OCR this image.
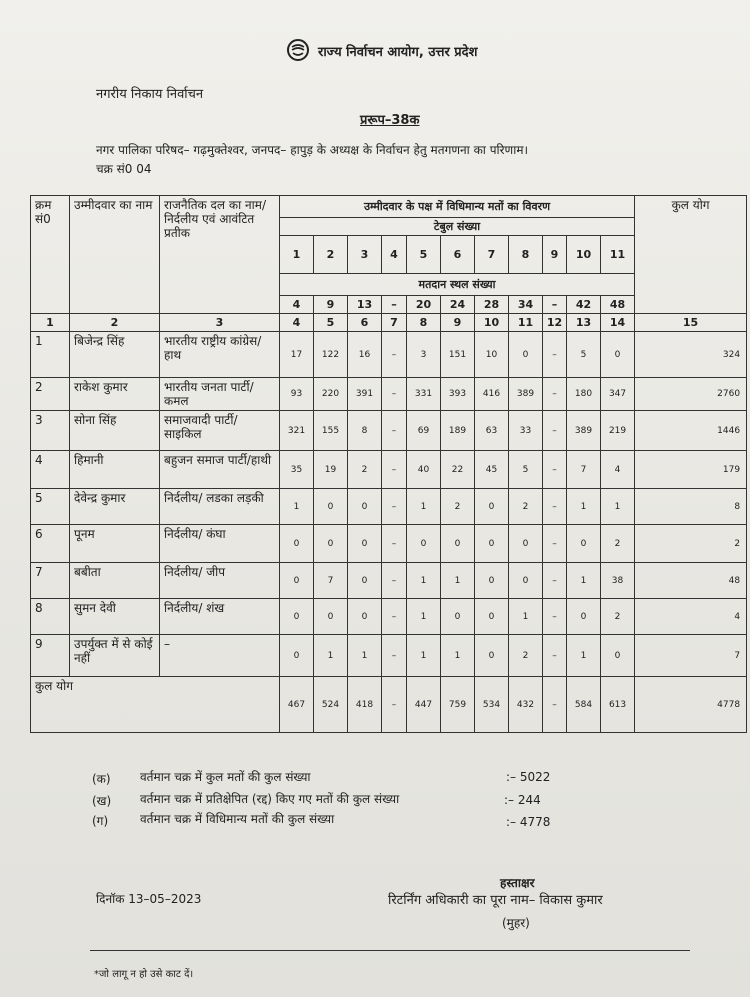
राज्य निर्वाचन आयोग, उत्तर प्रदेश
नगरीय निकाय निर्वाचन
प्ररूप–38क
नगर पालिका परिषद– गढ़मुक्तेश्वर, जनपद– हापुड़ के अध्यक्ष के निर्वाचन हेतु मतगणना का परिणाम।
चक्र सं0 04
क्रम सं0	उम्मीदवार का नाम	राजनैतिक दल का नाम/ निर्दलीय एवं आवंटित प्रतीक	उम्मीदवार के पक्ष में विधिमान्य मतों का विवरण											कुल योग
			टेबुल संख्या											
			1	2	3	4	5	6	7	8	9	10	11	
			मतदान स्थल संख्या											
			4	9	13	–	20	24	28	34	–	42	48	
1	2	3	4	5	6	7	8	9	10	11	12	13	14	15
1	बिजेन्द्र सिंह	भारतीय राष्ट्रीय कांग्रेस/हाथ	17	122	16	–	3	151	10	0	–	5	0	324
2	राकेश कुमार	भारतीय जनता पार्टी/कमल	93	220	391	–	331	393	416	389	–	180	347	2760
3	सोना सिंह	समाजवादी पार्टी/ साइकिल	321	155	8	–	69	189	63	33	–	389	219	1446
4	हिमानी	बहुजन समाज पार्टी/हाथी	35	19	2	–	40	22	45	5	–	7	4	179
5	देवेन्द्र कुमार	निर्दलीय/ लडका लड़की	1	0	0	–	1	2	0	2	–	1	1	8
6	पूनम	निर्दलीय/ कंघा	0	0	0	–	0	0	0	0	–	0	2	2
7	बबीता	निर्दलीय/ जीप	0	7	0	–	1	1	0	0	–	1	38	48
8	सुमन देवी	निर्दलीय/ शंख	0	0	0	–	1	0	0	1	–	0	2	4
9	उपर्युक्त में से कोई नहीं	–	0	1	1	–	1	1	0	2	–	1	0	7
कुल योग			467	524	418	–	447	759	534	432	–	584	613	4778
(क) वर्तमान चक्र में कुल मतों की कुल संख्या	:– 5022
(ख) वर्तमान चक्र में प्रतिक्षेपित (रद्द) किए गए मतों की कुल संख्या	:– 244
(ग)	वर्तमान चक्र में विधिमान्य मतों की कुल संख्या	:– 4778
हस्ताक्षर
दिनॉक 13–05–2023	रिटर्निंग अधिकारी का पूरा नाम– विकास कुमार
(मुहर)
*जो लागू न हो उसे काट दें।
